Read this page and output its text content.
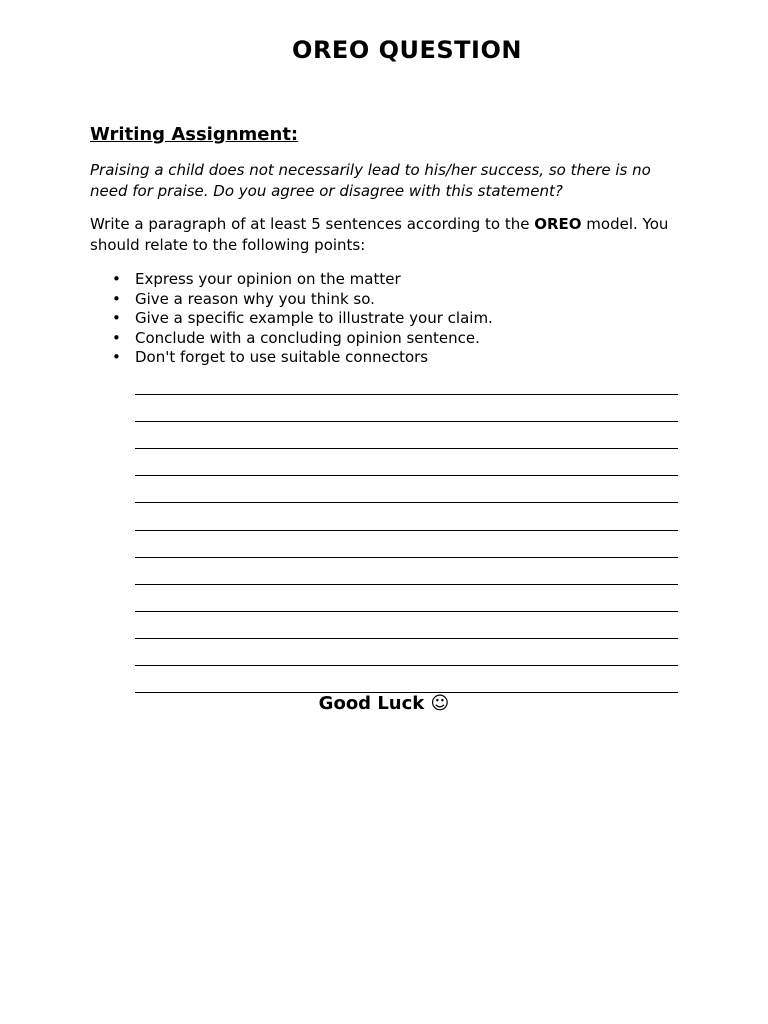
OREO QUESTION
Writing Assignment:
Praising a child does not necessarily lead to his/her success, so there is no need for praise. Do you agree or disagree with this statement?
Write a paragraph of at least 5 sentences according to the OREO model. You should relate to the following points:
• Express your opinion on the matter
• Give a reason why you think so.
• Give a specific example to illustrate your claim.
• Conclude with a concluding opinion sentence.
• Don't forget to use suitable connectors
Good Luck ☺
